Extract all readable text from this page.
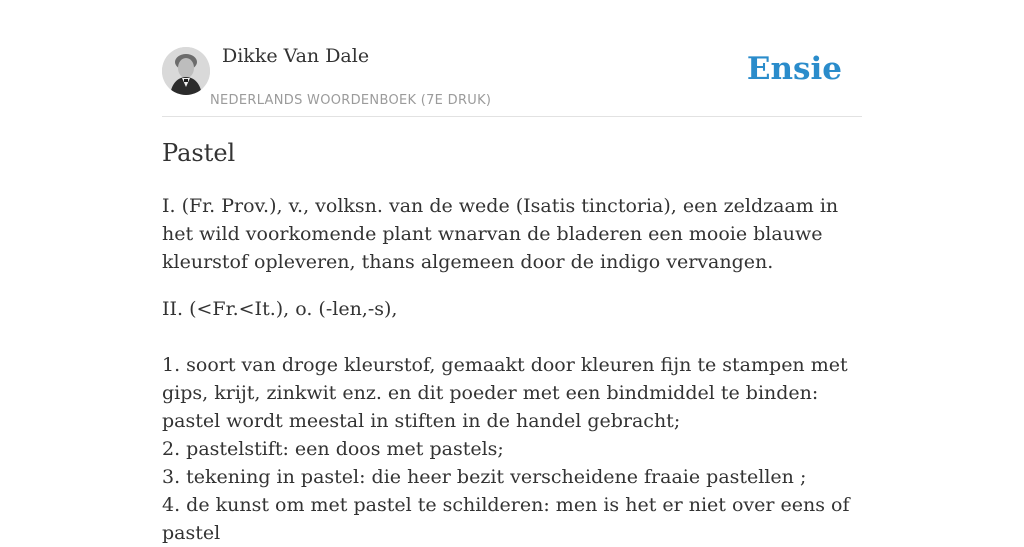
Dikke Van Dale
NEDERLANDS WOORDENBOEK (7E DRUK)
Ensie
Pastel

I. (Fr. Prov.), v., volksn. van de wede (Isatis tinctoria), een zeldzaam in het wild voorkomende plant wnarvan de bladeren een mooie blauwe kleurstof opleveren, thans algemeen door de indigo vervangen.

II. (<Fr.<It.), o. (-len,-s),

1. soort van droge kleurstof, gemaakt door kleuren fijn te stampen met gips, krijt, zinkwit enz. en dit poeder met een bindmiddel te binden: pastel wordt meestal in stiften in de handel gebracht;
2. pastelstift: een doos met pastels;
3. tekening in pastel: die heer bezit verscheidene fraaie pastellen ;
4. de kunst om met pastel te schilderen: men is het er niet over eens of pastel
